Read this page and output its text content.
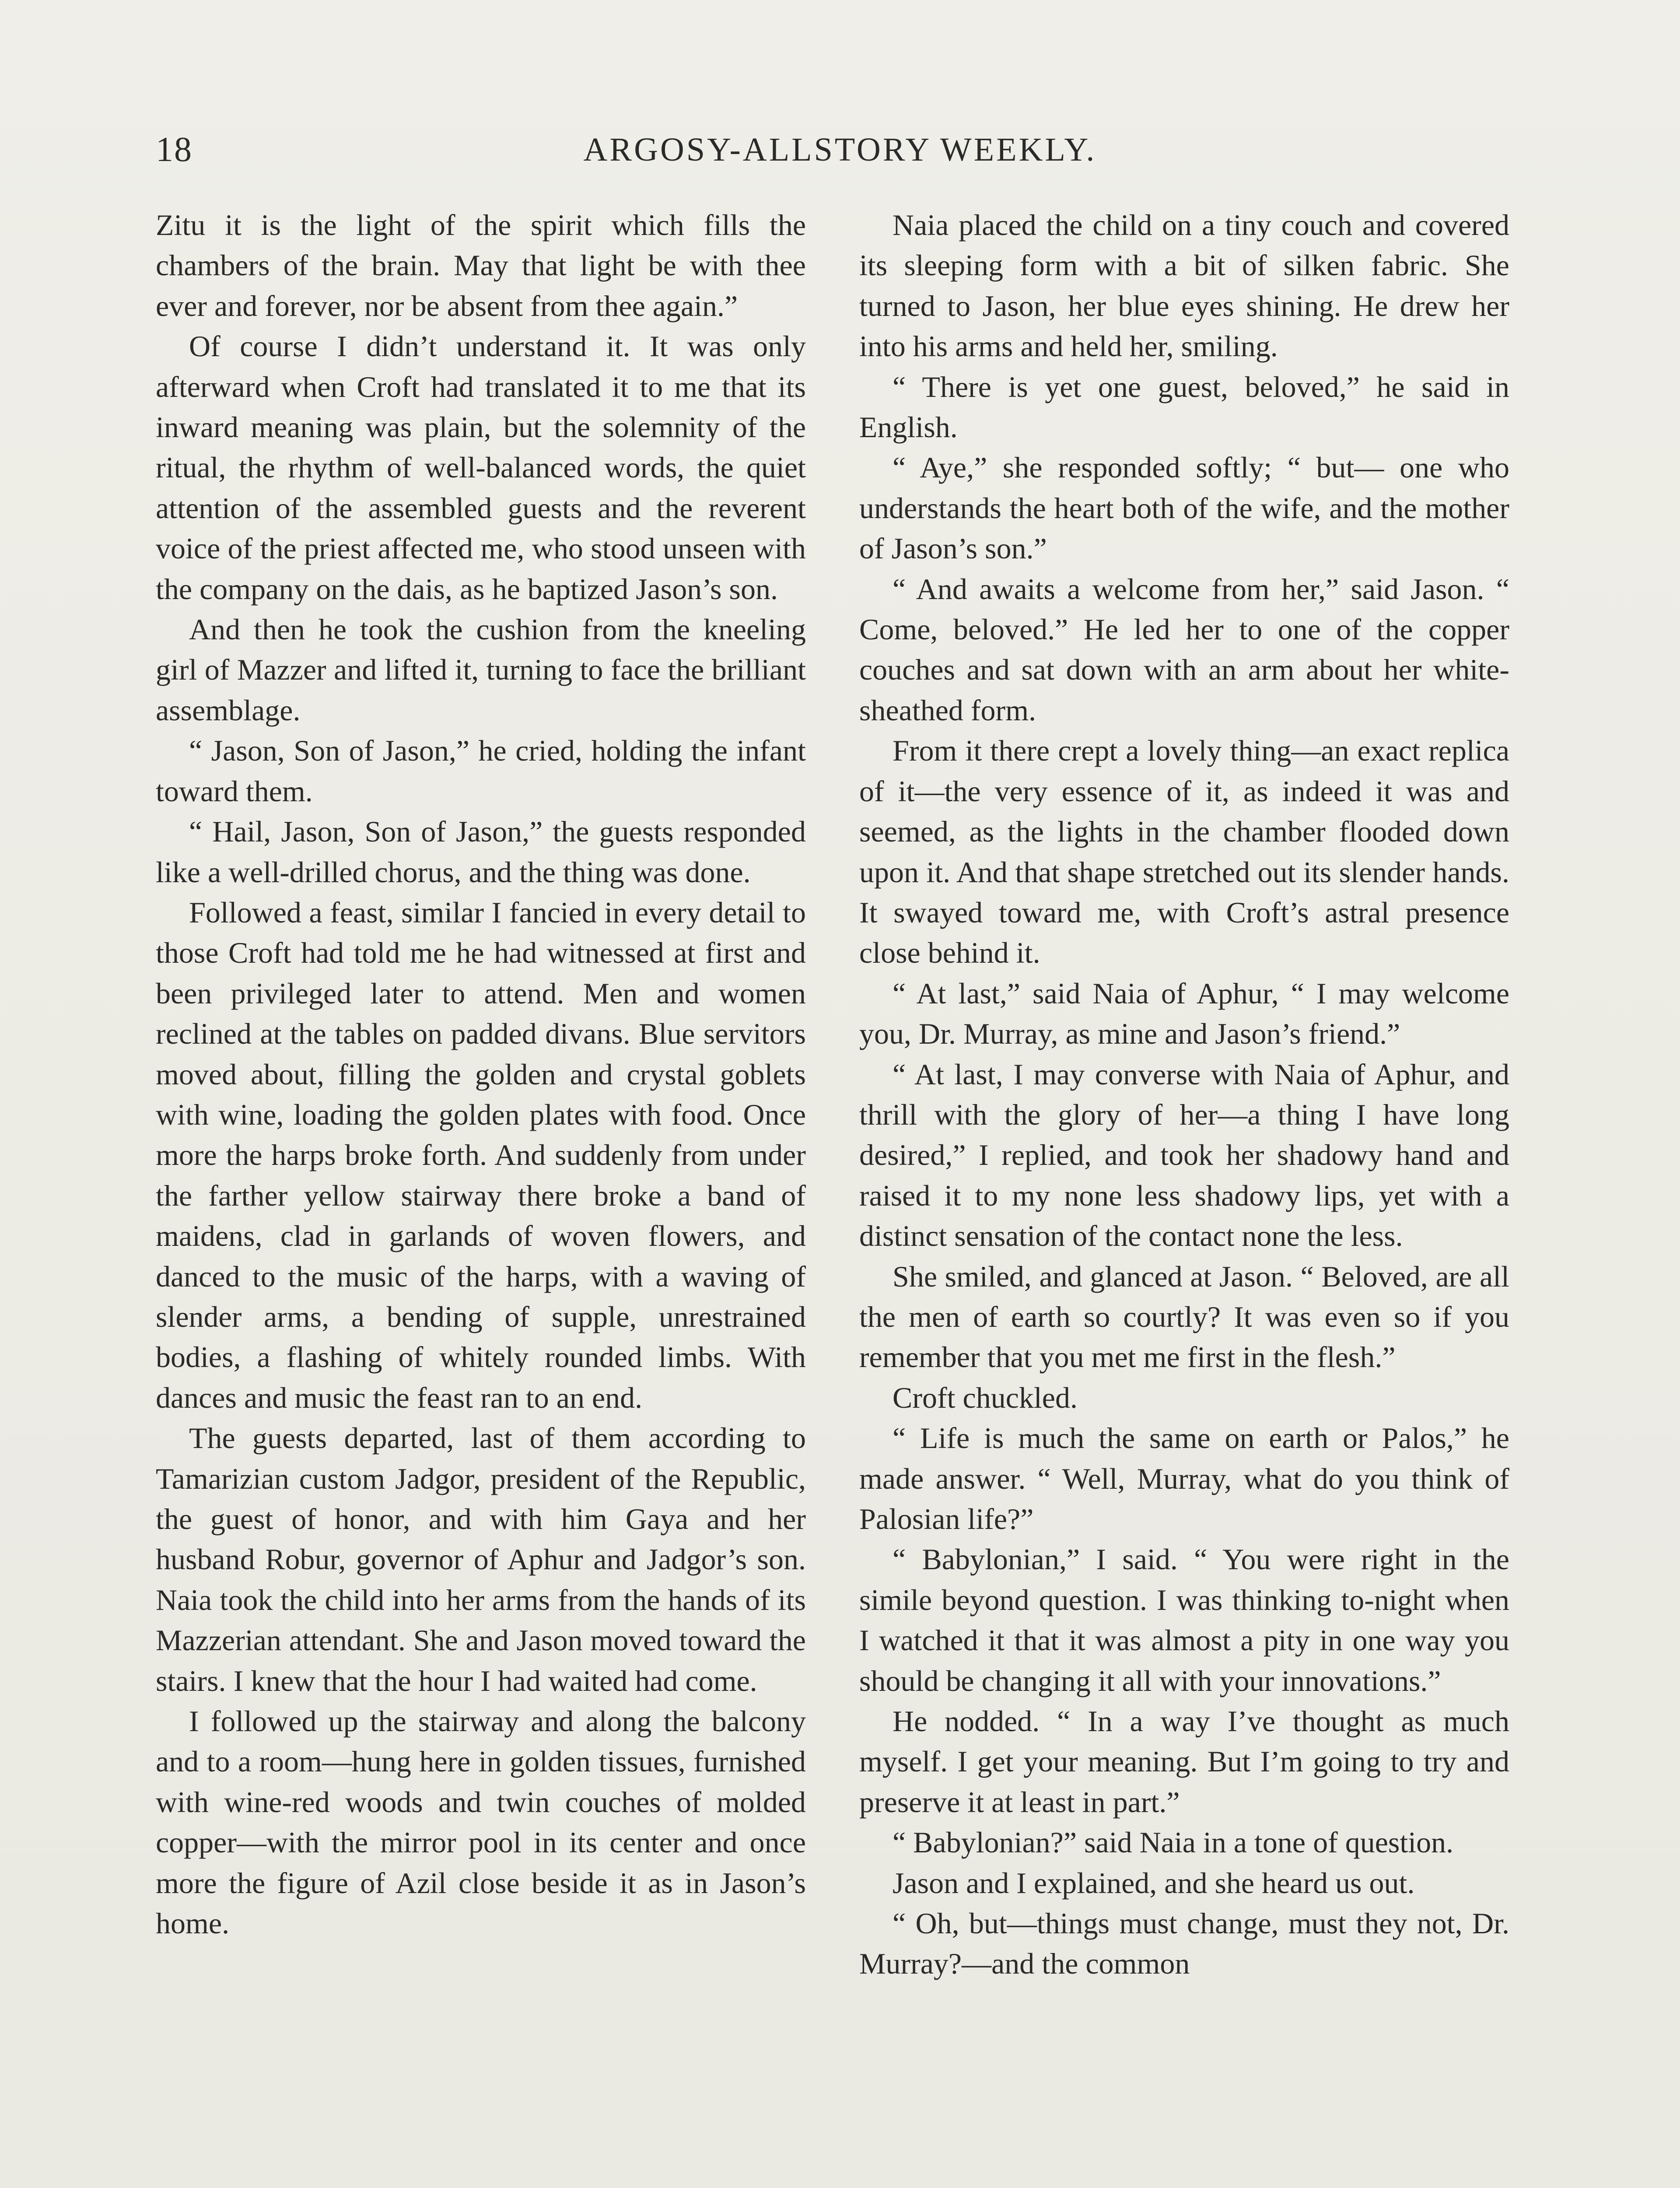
18	ARGOSY-ALLSTORY WEEKLY.

Zitu it is the light of the spirit which fills the chambers of the brain. May that light be with thee ever and forever, nor be absent from thee again.”

Of course I didn’t understand it. It was only afterward when Croft had translated it to me that its inward meaning was plain, but the solemnity of the ritual, the rhythm of well-balanced words, the quiet attention of the assembled guests and the reverent voice of the priest affected me, who stood unseen with the company on the dais, as he baptized Jason’s son.

And then he took the cushion from the kneeling girl of Mazzer and lifted it, turning to face the brilliant assemblage.

“ Jason, Son of Jason,” he cried, holding the infant toward them.

“ Hail, Jason, Son of Jason,” the guests responded like a well-drilled chorus, and the thing was done.

Followed a feast, similar I fancied in every detail to those Croft had told me he had witnessed at first and been privileged later to attend. Men and women reclined at the tables on padded divans. Blue servitors moved about, filling the golden and crystal goblets with wine, loading the golden plates with food. Once more the harps broke forth. And suddenly from under the farther yellow stairway there broke a band of maidens, clad in garlands of woven flowers, and danced to the music of the harps, with a waving of slender arms, a bending of supple, unrestrained bodies, a flashing of whitely rounded limbs. With dances and music the feast ran to an end.

The guests departed, last of them according to Tamarizian custom Jadgor, president of the Republic, the guest of honor, and with him Gaya and her husband Robur, governor of Aphur and Jadgor’s son. Naia took the child into her arms from the hands of its Mazzerian attendant. She and Jason moved toward the stairs. I knew that the hour I had waited had come.

I followed up the stairway and along the balcony and to a room—hung here in golden tissues, furnished with wine-red woods and twin couches of molded copper—with the mirror pool in its center and once more the figure of Azil close beside it as in Jason’s home.

Naia placed the child on a tiny couch and covered its sleeping form with a bit of silken fabric. She turned to Jason, her blue eyes shining. He drew her into his arms and held her, smiling.

“ There is yet one guest, beloved,” he said in English.

“ Aye,” she responded softly; “ but— one who understands the heart both of the wife, and the mother of Jason’s son.”

“ And awaits a welcome from her,” said Jason. “ Come, beloved.” He led her to one of the copper couches and sat down with an arm about her white-sheathed form.

From it there crept a lovely thing—an exact replica of it—the very essence of it, as indeed it was and seemed, as the lights in the chamber flooded down upon it. And that shape stretched out its slender hands. It swayed toward me, with Croft’s astral presence close behind it.

“ At last,” said Naia of Aphur, “ I may welcome you, Dr. Murray, as mine and Jason’s friend.”

“ At last, I may converse with Naia of Aphur, and thrill with the glory of her—a thing I have long desired,” I replied, and took her shadowy hand and raised it to my none less shadowy lips, yet with a distinct sensation of the contact none the less.

She smiled, and glanced at Jason. “ Beloved, are all the men of earth so courtly? It was even so if you remember that you met me first in the flesh.”

Croft chuckled.

“ Life is much the same on earth or Palos,” he made answer. “ Well, Murray, what do you think of Palosian life?”

“ Babylonian,” I said. “ You were right in the simile beyond question. I was thinking to-night when I watched it that it was almost a pity in one way you should be changing it all with your innovations.”

He nodded. “ In a way I’ve thought as much myself. I get your meaning. But I’m going to try and preserve it at least in part.”

“ Babylonian?” said Naia in a tone of question.

Jason and I explained, and she heard us out.

“ Oh, but—things must change, must they not, Dr. Murray?—and the common
